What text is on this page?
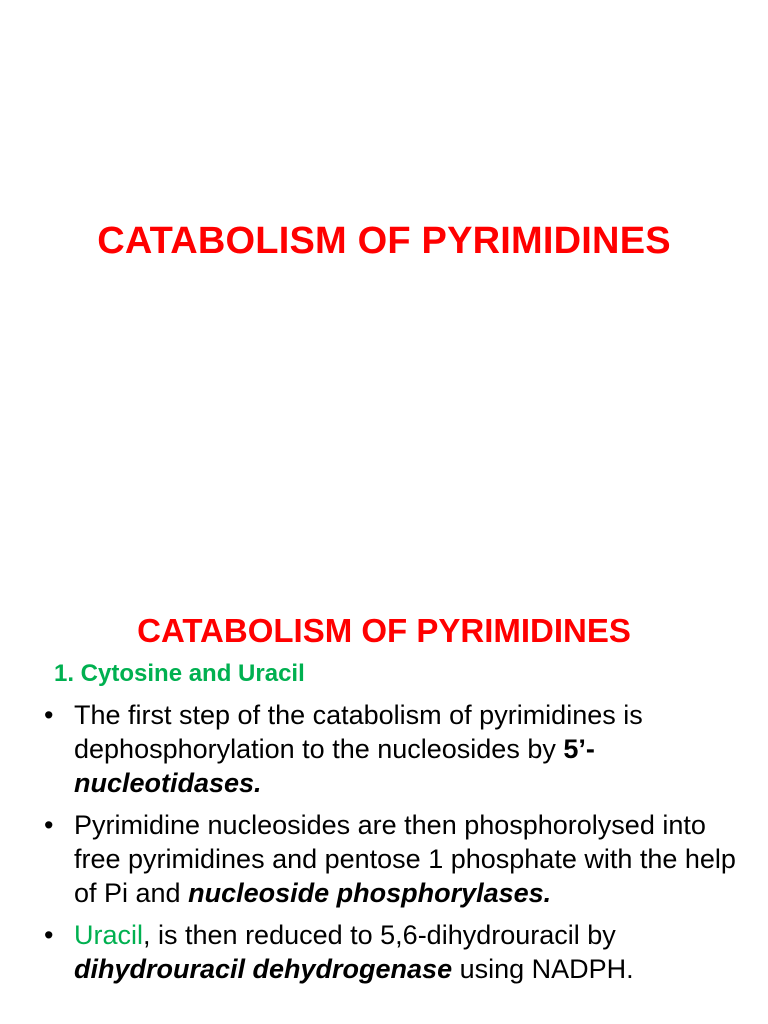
CATABOLISM OF PYRIMIDINES
CATABOLISM OF PYRIMIDINES
1. Cytosine and Uracil
• The first step of the catabolism of pyrimidines is dephosphorylation to the nucleosides by 5’-
nucleotidases.
• Pyrimidine nucleosides are then phosphorolysed into free pyrimidines and pentose 1 phosphate with the help of Pi and nucleoside phosphorylases.
• Uracil, is then reduced to 5,6-dihydrouracil by dihydrouracil dehydrogenase using NADPH.
